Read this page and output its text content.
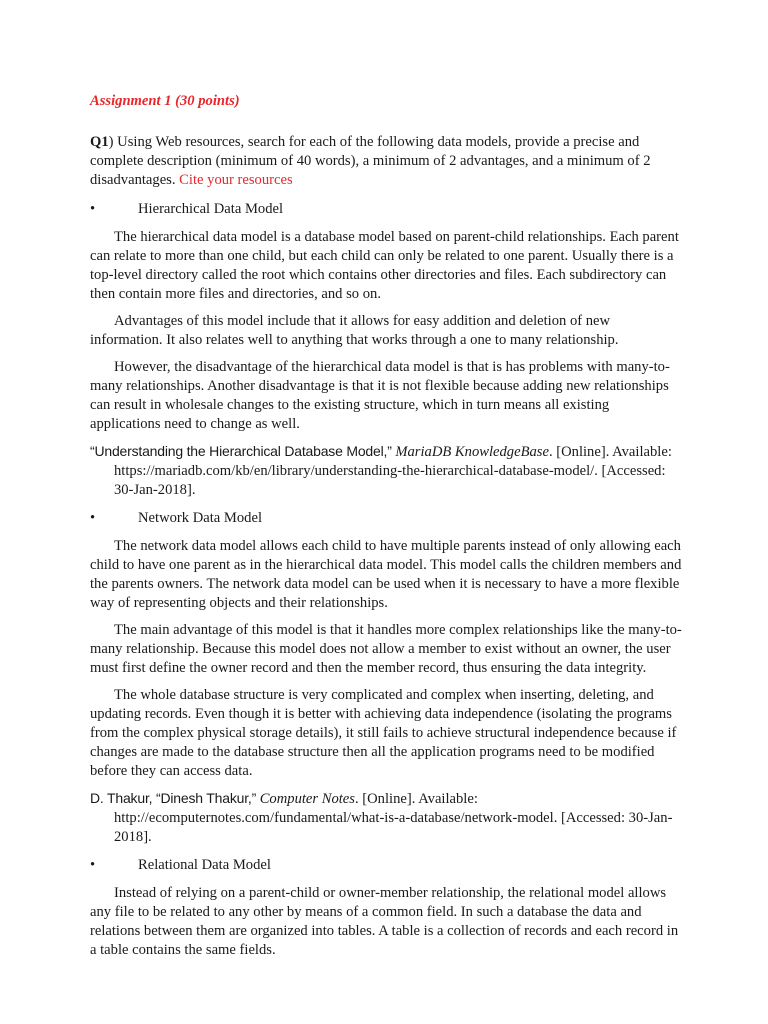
Assignment 1 (30 points)

Q1) Using Web resources, search for each of the following data models, provide a precise and complete description (minimum of 40 words), a minimum of 2 advantages, and a minimum of 2 disadvantages. Cite your resources

•	Hierarchical Data Model

The hierarchical data model is a database model based on parent-child relationships. Each parent can relate to more than one child, but each child can only be related to one parent. Usually there is a top-level directory called the root which contains other directories and files. Each subdirectory can then contain more files and directories, and so on.

Advantages of this model include that it allows for easy addition and deletion of new information. It also relates well to anything that works through a one to many relationship.

However, the disadvantage of the hierarchical data model is that is has problems with many-to-many relationships. Another disadvantage is that it is not flexible because adding new relationships can result in wholesale changes to the existing structure, which in turn means all existing applications need to change as well.

“Understanding the Hierarchical Database Model,” MariaDB KnowledgeBase. [Online]. Available: https://mariadb.com/kb/en/library/understanding-the-hierarchical-database-model/. [Accessed: 30-Jan-2018].

•	Network Data Model

The network data model allows each child to have multiple parents instead of only allowing each child to have one parent as in the hierarchical data model. This model calls the children members and the parents owners. The network data model can be used when it is necessary to have a more flexible way of representing objects and their relationships.

The main advantage of this model is that it handles more complex relationships like the many-to-many relationship. Because this model does not allow a member to exist without an owner, the user must first define the owner record and then the member record, thus ensuring the data integrity.

The whole database structure is very complicated and complex when inserting, deleting, and updating records. Even though it is better with achieving data independence (isolating the programs from the complex physical storage details), it still fails to achieve structural independence because if changes are made to the database structure then all the application programs need to be modified before they can access data.

D. Thakur, “Dinesh Thakur,” Computer Notes. [Online]. Available: http://ecomputernotes.com/fundamental/what-is-a-database/network-model. [Accessed: 30-Jan-2018].

•	Relational Data Model

Instead of relying on a parent-child or owner-member relationship, the relational model allows any file to be related to any other by means of a common field. In such a database the data and relations between them are organized into tables. A table is a collection of records and each record in a table contains the same fields.
